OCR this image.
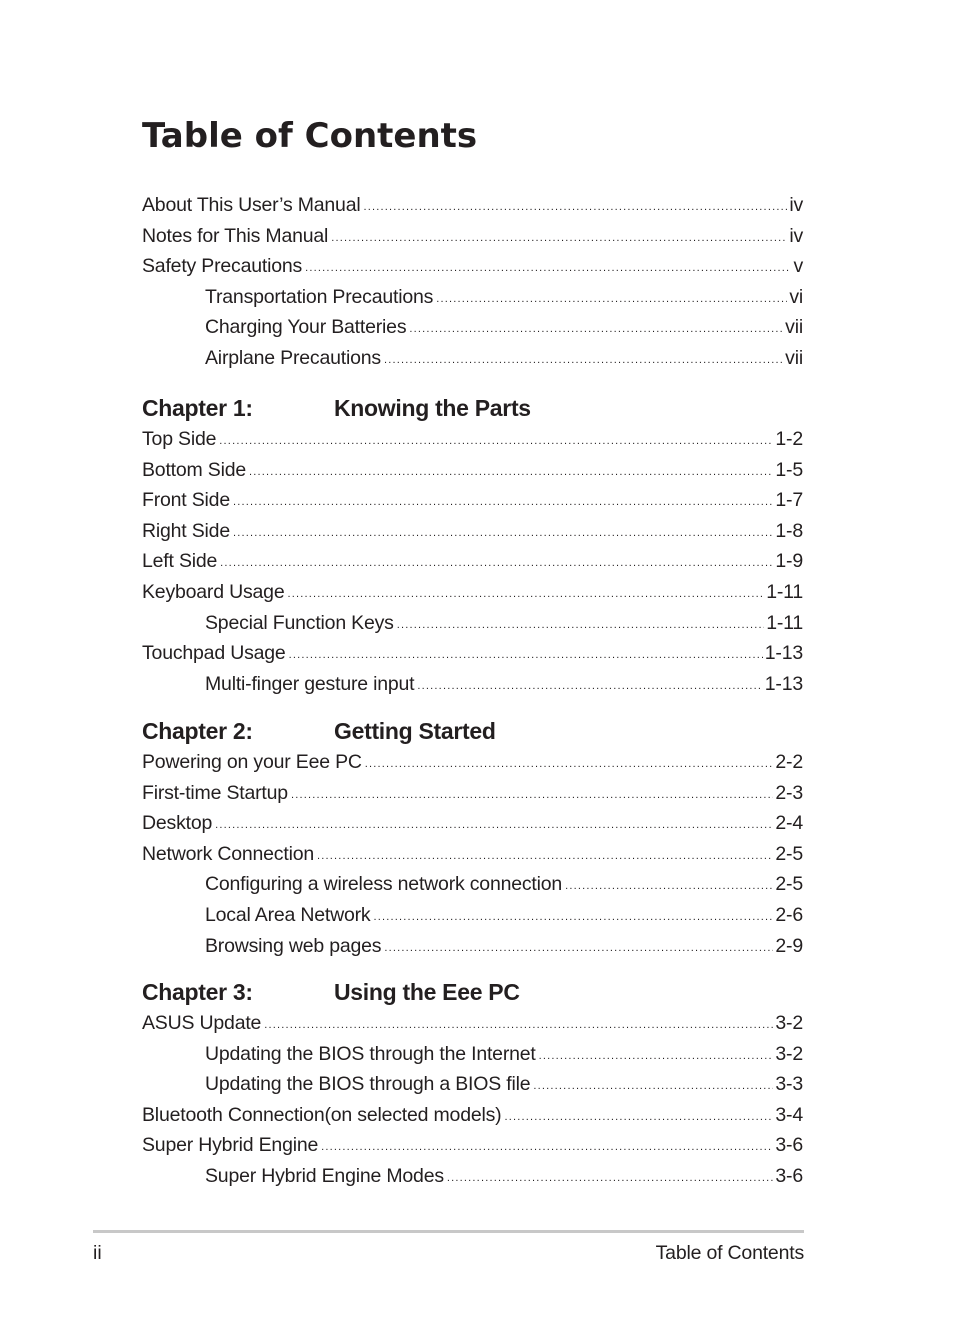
Table of Contents
About This User’s Manual .....	iv
Notes for This Manual .....	iv
Safety Precautions .....	v
Transportation Precautions .....	vi
Charging Your Batteries .....	vii
Airplane Precautions .....	vii
Chapter 1:	Knowing the Parts
Top Side .....	1-2
Bottom Side .....	1-5
Front Side .....	1-7
Right Side .....	1-8
Left Side .....	1-9
Keyboard Usage .....	1-11
Special Function Keys .....	1-11
Touchpad Usage .....	1-13
Multi-finger gesture input .....	1-13
Chapter 2:	Getting Started
Powering on your Eee PC .....	2-2
First-time Startup .....	2-3
Desktop .....	2-4
Network Connection .....	2-5
Configuring a wireless network connection .....	2-5
Local Area Network .....	2-6
Browsing web pages .....	2-9
Chapter 3:	Using the Eee PC
ASUS Update .....	3-2
Updating the BIOS through the Internet .....	3-2
Updating the BIOS through a BIOS file .....	3-3
Bluetooth Connection(on selected models) .....	3-4
Super Hybrid Engine .....	3-6
Super Hybrid Engine Modes .....	3-6
ii	Table of Contents
